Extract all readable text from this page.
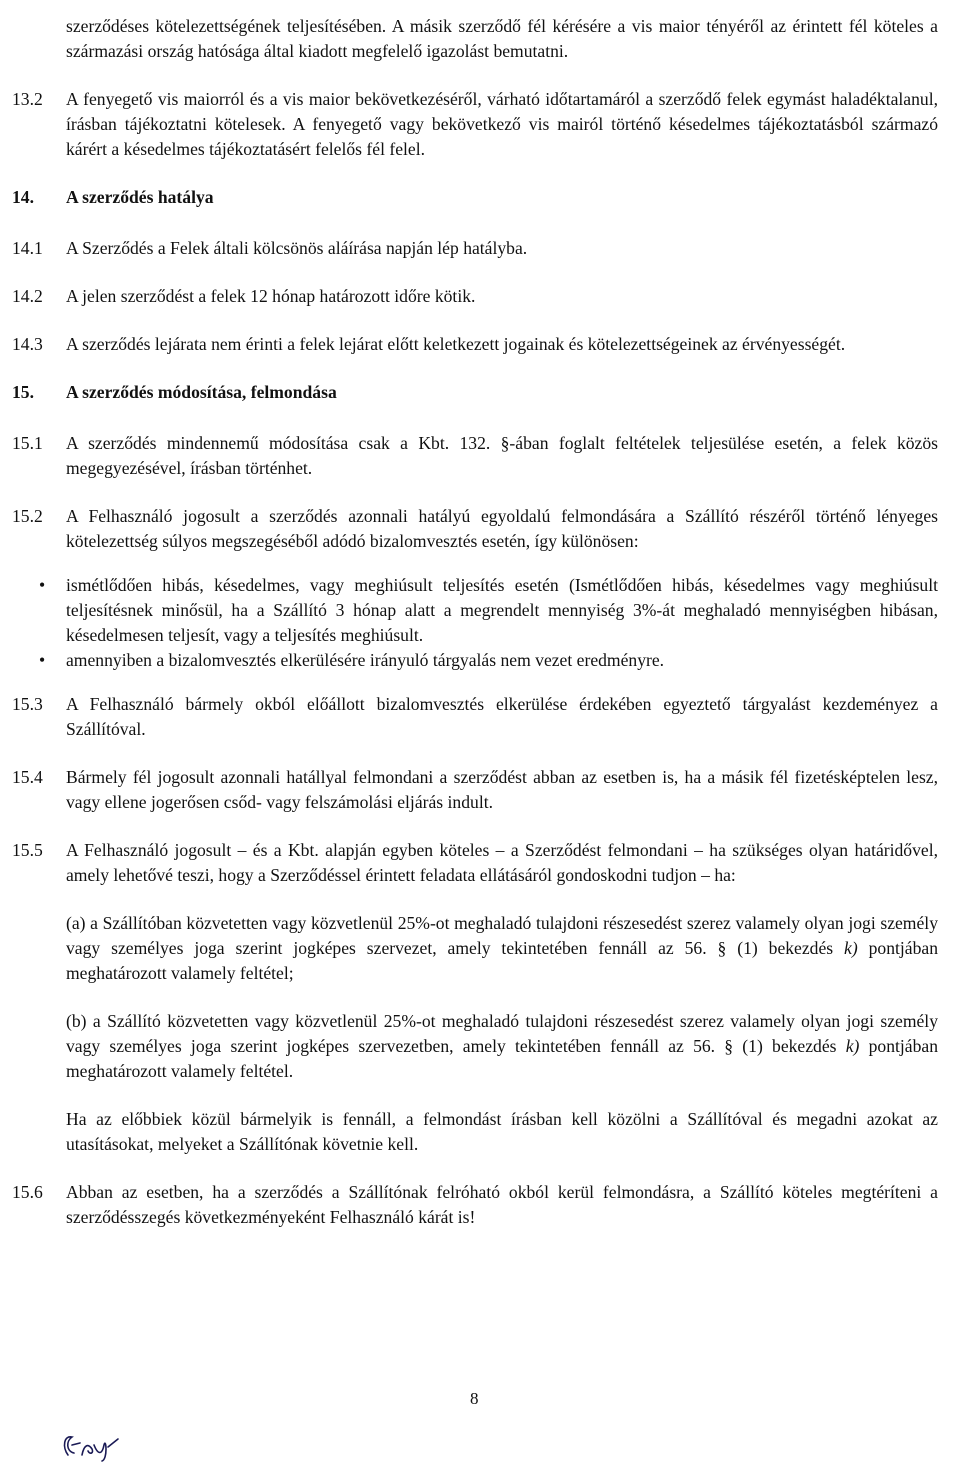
szerződéses kötelezettségének teljesítésében. A másik szerződő fél kérésére a vis maior tényéről az érintett fél köteles a származási ország hatósága által kiadott megfelelő igazolást bemutatni.

13.2	A fenyegető vis maiorról és a vis maior bekövetkezéséről, várható időtartamáról a szerződő felek egymást haladéktalanul, írásban tájékoztatni kötelesek. A fenyegető vagy bekövetkező vis mairól történő késedelmes tájékoztatásból származó kárért a késedelmes tájékoztatásért felelős fél felel.
14.	A szerződés hatálya
14.1	A Szerződés a Felek általi kölcsönös aláírása napján lép hatályba.
14.2	A jelen szerződést a felek 12 hónap határozott időre kötik.
14.3	A szerződés lejárata nem érinti a felek lejárat előtt keletkezett jogainak és kötelezettségeinek az érvényességét.
15.	A szerződés módosítása, felmondása
15.1	A szerződés mindennemű módosítása csak a Kbt. 132. §-ában foglalt feltételek teljesülése esetén, a felek közös megegyezésével, írásban történhet.
15.2	A Felhasználó jogosult a szerződés azonnali hatályú egyoldalú felmondására a Szállító részéről történő lényeges kötelezettség súlyos megszegéséből adódó bizalomvesztés esetén, így különösen:
• ismétlődően hibás, késedelmes, vagy meghiúsult teljesítés esetén (Ismétlődően hibás, késedelmes vagy meghiúsult teljesítésnek minősül, ha a Szállító 3 hónap alatt a megrendelt mennyiség 3%-át meghaladó mennyiségben hibásan, késedelmesen teljesít, vagy a teljesítés meghiúsult.
• amennyiben a bizalomvesztés elkerülésére irányuló tárgyalás nem vezet eredményre.
15.3	A Felhasználó bármely okból előállott bizalomvesztés elkerülése érdekében egyeztető tárgyalást kezdeményez a Szállítóval.
15.4	Bármely fél jogosult azonnali hatállyal felmondani a szerződést abban az esetben is, ha a másik fél fizetésképtelen lesz, vagy ellene jogerősen csőd- vagy felszámolási eljárás indult.
15.5	A Felhasználó jogosult – és a Kbt. alapján egyben köteles – a Szerződést felmondani – ha szükséges olyan határidővel, amely lehetővé teszi, hogy a Szerződéssel érintett feladata ellátásáról gondoskodni tudjon – ha:

(a) a Szállítóban közvetetten vagy közvetlenül 25%-ot meghaladó tulajdoni részesedést szerez valamely olyan jogi személy vagy személyes joga szerint jogképes szervezet, amely tekintetében fennáll az 56. § (1) bekezdés k) pontjában meghatározott valamely feltétel;

(b) a Szállító közvetetten vagy közvetlenül 25%-ot meghaladó tulajdoni részesedést szerez valamely olyan jogi személy vagy személyes joga szerint jogképes szervezetben, amely tekintetében fennáll az 56. § (1) bekezdés k) pontjában meghatározott valamely feltétel.

Ha az előbbiek közül bármelyik is fennáll, a felmondást írásban kell közölni a Szállítóval és megadni azokat az utasításokat, melyeket a Szállítónak követnie kell.

15.6	Abban az esetben, ha a szerződés a Szállítónak felróható okból kerül felmondásra, a Szállító köteles megtéríteni a szerződésszegés következményeként Felhasználó kárát is!
8
